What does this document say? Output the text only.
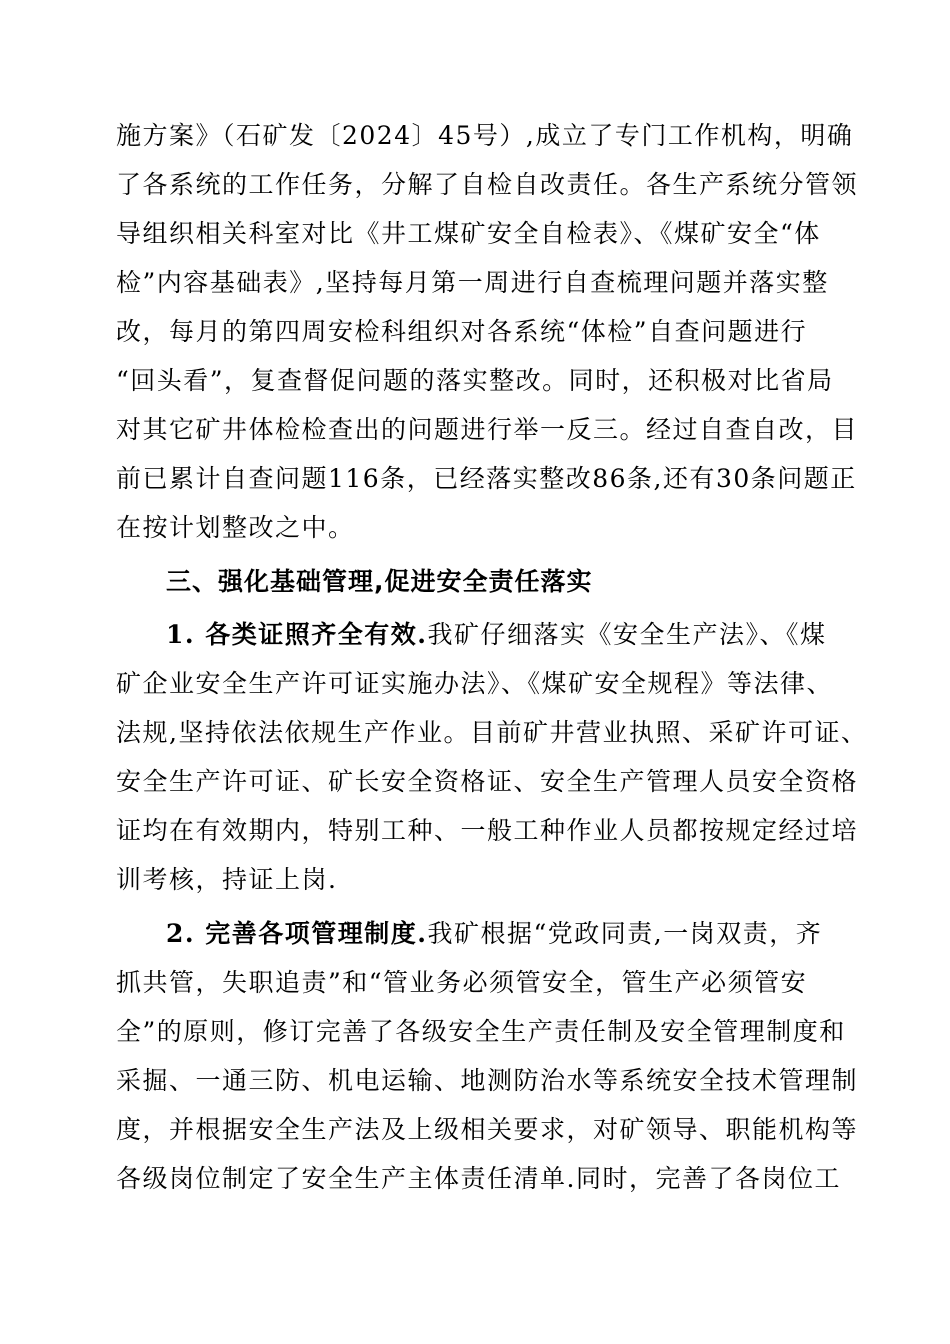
施方案》（石矿发〔2024〕45号）,成立了专门工作机构，明确
了各系统的工作任务，分解了自检自改责任。各生产系统分管领
导组织相关科室对比《井工煤矿安全自检表》、《煤矿安全“体
检”内容基础表》,坚持每月第一周进行自查梳理问题并落实整
改，每月的第四周安检科组织对各系统“体检”自查问题进行
“回头看”，复查督促问题的落实整改。同时，还积极对比省局
对其它矿井体检检查出的问题进行举一反三。经过自查自改，目
前已累计自查问题116条，已经落实整改86条,还有30条问题正
在按计划整改之中。
三、强化基础管理,促进安全责任落实
1. 各类证照齐全有效.我矿仔细落实《安全生产法》、《煤
矿企业安全生产许可证实施办法》、《煤矿安全规程》等法律、
法规,坚持依法依规生产作业。目前矿井营业执照、采矿许可证、
安全生产许可证、矿长安全资格证、安全生产管理人员安全资格
证均在有效期内，特别工种、一般工种作业人员都按规定经过培
训考核，持证上岗.
2. 完善各项管理制度.我矿根据“党政同责,一岗双责，齐
抓共管，失职追责”和“管业务必须管安全，管生产必须管安
全”的原则，修订完善了各级安全生产责任制及安全管理制度和
采掘、一通三防、机电运输、地测防治水等系统安全技术管理制
度，并根据安全生产法及上级相关要求，对矿领导、职能机构等
各级岗位制定了安全生产主体责任清单.同时，完善了各岗位工
